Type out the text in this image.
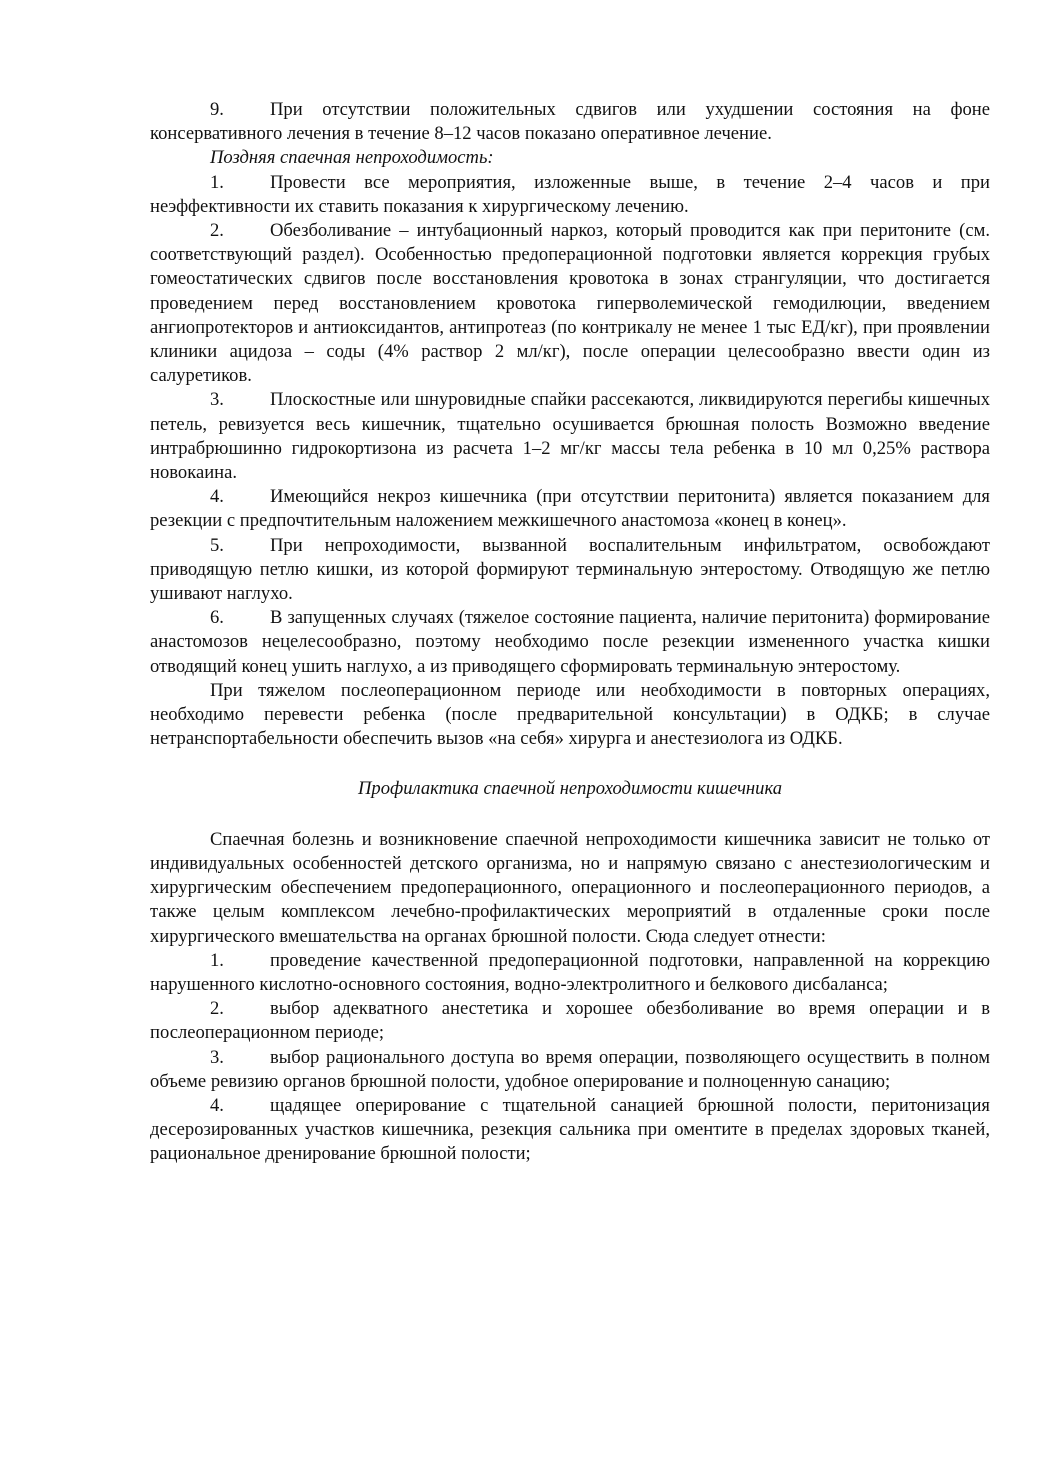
9. При отсутствии положительных сдвигов или ухудшении состояния на фоне консервативного лечения в течение 8–12 часов показано оперативное лечение.

Поздняя спаечная непроходимость:

1. Провести все мероприятия, изложенные выше, в течение 2–4 часов и при неэффективности их ставить показания к хирургическому лечению.

2. Обезболивание – интубационный наркоз, который проводится как при перитоните (см. соответствующий раздел). Особенностью предоперационной подготовки является коррекция грубых гомеостатических сдвигов после восстановления кровотока в зонах странгуляции, что достигается проведением перед восстановлением кровотока гиперволемической гемодилюции, введением ангиопротекторов и антиоксидантов, антипротеаз (по контрикалу не менее 1 тыс ЕД/кг), при проявлении клиники ацидоза – соды (4% раствор 2 мл/кг), после операции целесообразно ввести один из салуретиков.

3. Плоскостные или шнуровидные спайки рассекаются, ликвидируются перегибы кишечных петель, ревизуется весь кишечник, тщательно осушивается брюшная полость Возможно введение интрабрюшинно гидрокортизона из расчета 1–2 мг/кг массы тела ребенка в 10 мл 0,25% раствора новокаина.

4. Имеющийся некроз кишечника (при отсутствии перитонита) является показанием для резекции с предпочтительным наложением межкишечного анастомоза «конец в конец».

5. При непроходимости, вызванной воспалительным инфильтратом, освобождают приводящую петлю кишки, из которой формируют терминальную энтеростому. Отводящую же петлю ушивают наглухо.

6. В запущенных случаях (тяжелое состояние пациента, наличие перитонита) формирование анастомозов нецелесообразно, поэтому необходимо после резекции измененного участка кишки отводящий конец ушить наглухо, а из приводящего сформировать терминальную энтеростому.

При тяжелом послеоперационном периоде или необходимости в повторных операциях, необходимо перевести ребенка (после предварительной консультации) в ОДКБ; в случае нетранспортабельности обеспечить вызов «на себя» хирурга и анестезиолога из ОДКБ.

Профилактика спаечной непроходимости кишечника

Спаечная болезнь и возникновение спаечной непроходимости кишечника зависит не только от индивидуальных особенностей детского организма, но и напрямую связано с анестезиологическим и хирургическим обеспечением предоперационного, операционного и послеоперационного периодов, а также целым комплексом лечебно-профилактических мероприятий в отдаленные сроки после хирургического вмешательства на органах брюшной полости. Сюда следует отнести:

1. проведение качественной предоперационной подготовки, направленной на коррекцию нарушенного кислотно-основного состояния, водно-электролитного и белкового дисбаланса;

2. выбор адекватного анестетика и хорошее обезболивание во время операции и в послеоперационном периоде;

3. выбор рационального доступа во время операции, позволяющего осуществить в полном объеме ревизию органов брюшной полости, удобное оперирование и полноценную санацию;

4. щадящее оперирование с тщательной санацией брюшной полости, перитонизация десерозированных участков кишечника, резекция сальника при оментите в пределах здоровых тканей, рациональное дренирование брюшной полости;
